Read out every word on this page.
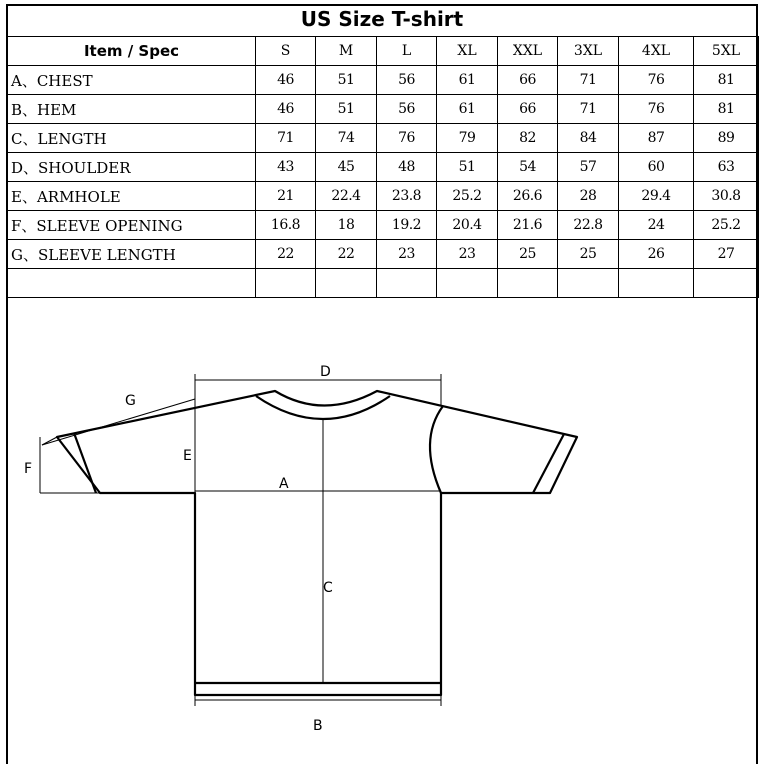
US Size T-shirt
Item / Spec	S	M	L	XL	XXL	3XL	4XL	5XL
A、CHEST	46	51	56	61	66	71	76	81
B、HEM	46	51	56	61	66	71	76	81
C、LENGTH	71	74	76	79	82	84	87	89
D、SHOULDER	43	45	48	51	54	57	60	63
E、ARMHOLE	21	22.4	23.8	25.2	26.6	28	29.4	30.8
F、SLEEVE OPENING	16.8	18	19.2	20.4	21.6	22.8	24	25.2
G、SLEEVE LENGTH	22	22	23	23	25	25	26	27

D
G
E
F
A
C
B
